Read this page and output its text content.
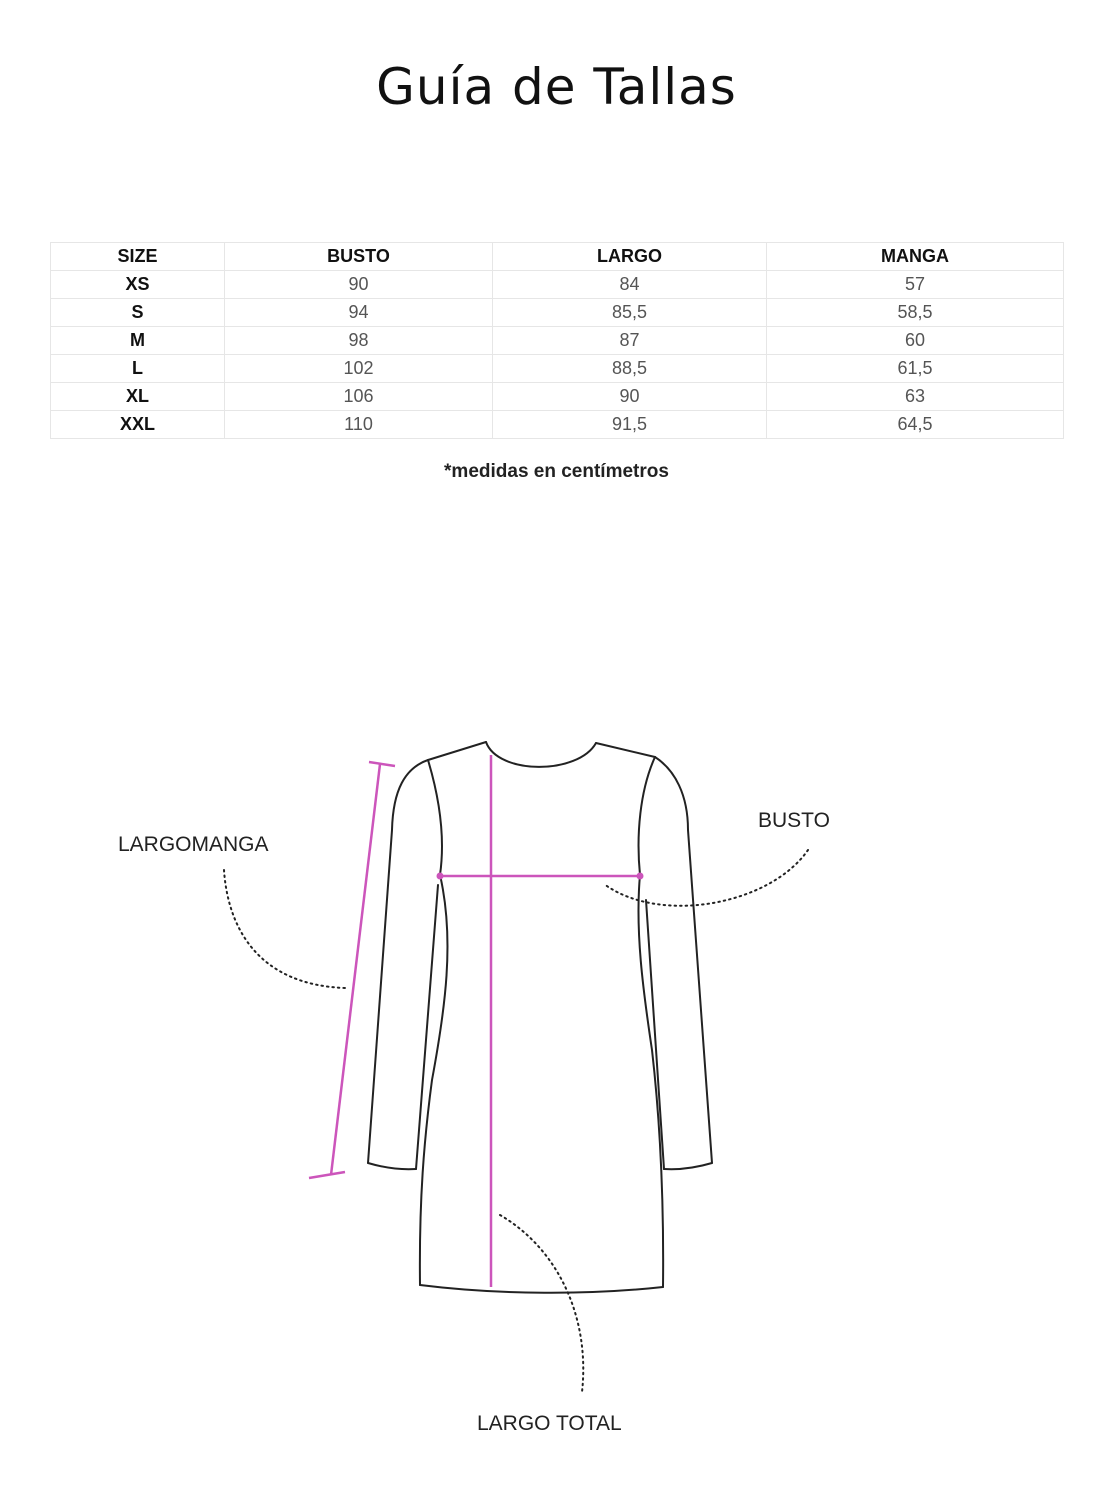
Guía de Tallas
SIZE	BUSTO	LARGO	MANGA
XS	90	84	57
S	94	85,5	58,5
M	98	87	60
L	102	88,5	61,5
XL	106	90	63
XXL	110	91,5	64,5
*medidas en centímetros
LARGOMANGA
BUSTO
LARGO TOTAL
